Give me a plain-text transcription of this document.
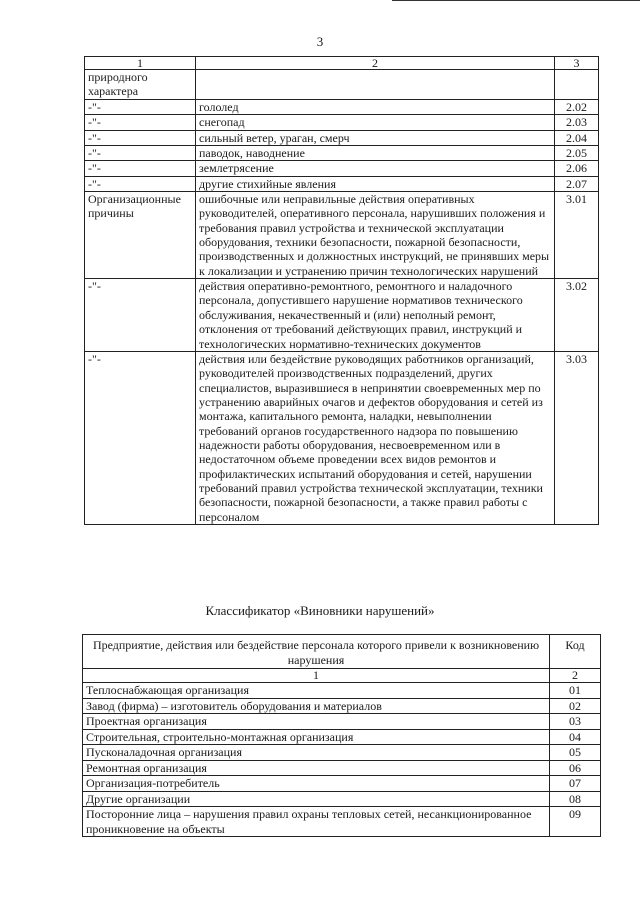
3
1	2	3
природного характера		
-"-	гололед	2.02
-"-	снегопад	2.03
-"-	сильный ветер, ураган, смерч	2.04
-"-	паводок, наводнение	2.05
-"-	землетрясение	2.06
-"-	другие стихийные явления	2.07
Организационные причины	ошибочные или неправильные действия оперативных руководителей, оперативного персонала, нарушивших положения и требования правил устройства и технической эксплуатации оборудования, техники безопасности, пожарной безопасности, производственных и должностных инструкций, не принявших меры к локализации и устранению причин технологических нарушений	3.01
-"-	действия оперативно-ремонтного, ремонтного и наладочного персонала, допустившего нарушение нормативов технического обслуживания, некачественный и (или) неполный ремонт, отклонения от требований действующих правил, инструкций и технологических нормативно-технических документов	3.02
-"-	действия или бездействие руководящих работников организаций, руководителей производственных подразделений, других специалистов, выразившиеся в непринятии своевременных мер по устранению аварийных очагов и дефектов оборудования и сетей из монтажа, капитального ремонта, наладки, невыполнении требований органов государственного надзора по повышению надежности работы оборудования, несвоевременном или в недостаточном объеме проведении всех видов ремонтов и профилактических испытаний оборудования и сетей, нарушении требований правил устройства технической эксплуатации, техники безопасности, пожарной безопасности, а также правил работы с персоналом	3.03
Классификатор «Виновники нарушений»
Предприятие, действия или бездействие персонала которого привели к возникновению нарушения	Код
1	2
Теплоснабжающая организация	01
Завод (фирма) – изготовитель оборудования и материалов	02
Проектная организация	03
Строительная, строительно-монтажная организация	04
Пусконаладочная организация	05
Ремонтная организация	06
Организация-потребитель	07
Другие организации	08
Посторонние лица – нарушения правил охраны тепловых сетей, несанкционированное проникновение на объекты	09
